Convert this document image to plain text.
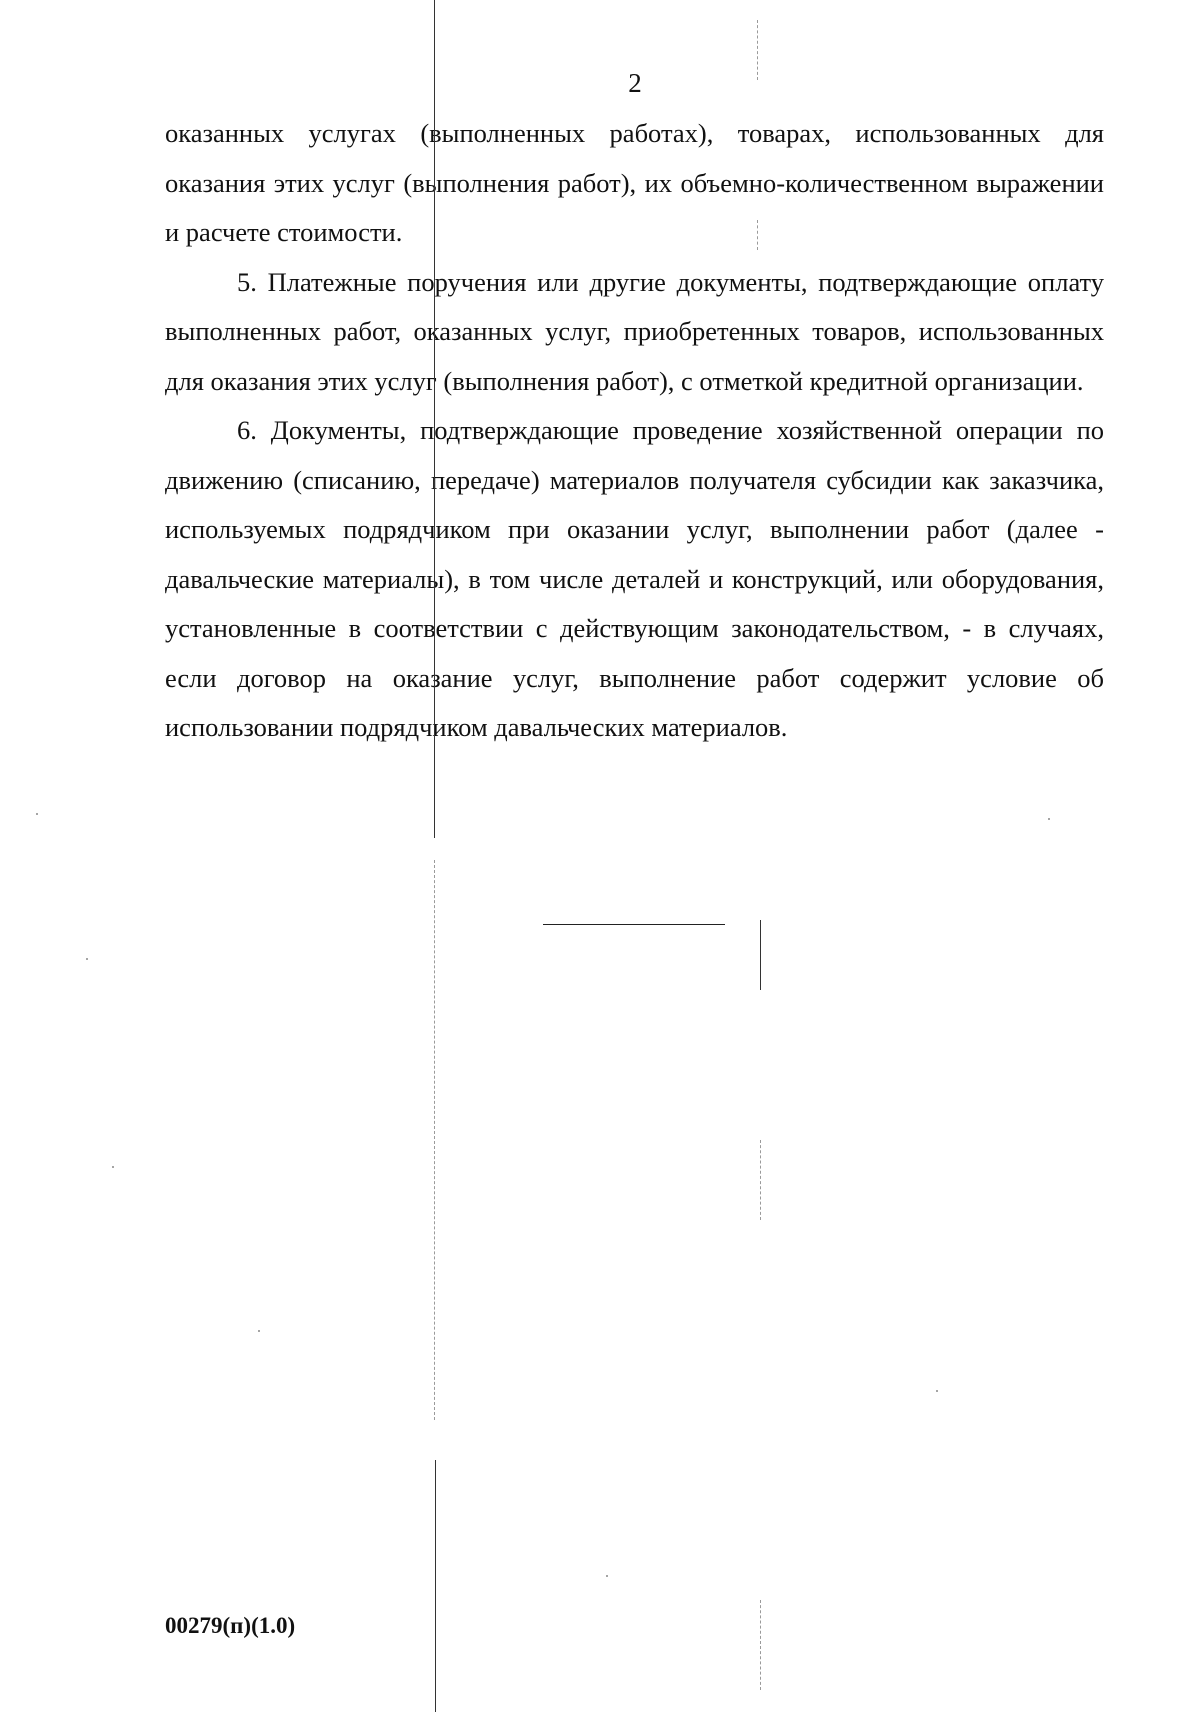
2

оказанных услугах (выполненных работах), товарах, использованных для оказания этих услуг (выполнения работ), их объемно-количественном выражении и расчете стоимости.

5. Платежные поручения или другие документы, подтверждающие оплату выполненных работ, оказанных услуг, приобретенных товаров, использованных для оказания этих услуг (выполнения работ), с отметкой кредитной организации.

6. Документы, подтверждающие проведение хозяйственной операции по движению (списанию, передаче) материалов получателя субсидии как заказчика, используемых подрядчиком при оказании услуг, выполнении работ (далее - давальческие материалы), в том числе деталей и конструкций, или оборудования, установленные в соответствии с действующим законодательством, - в случаях, если договор на оказание услуг, выполнение работ содержит условие об использовании подрядчиком давальческих материалов.

00279(п)(1.0)
